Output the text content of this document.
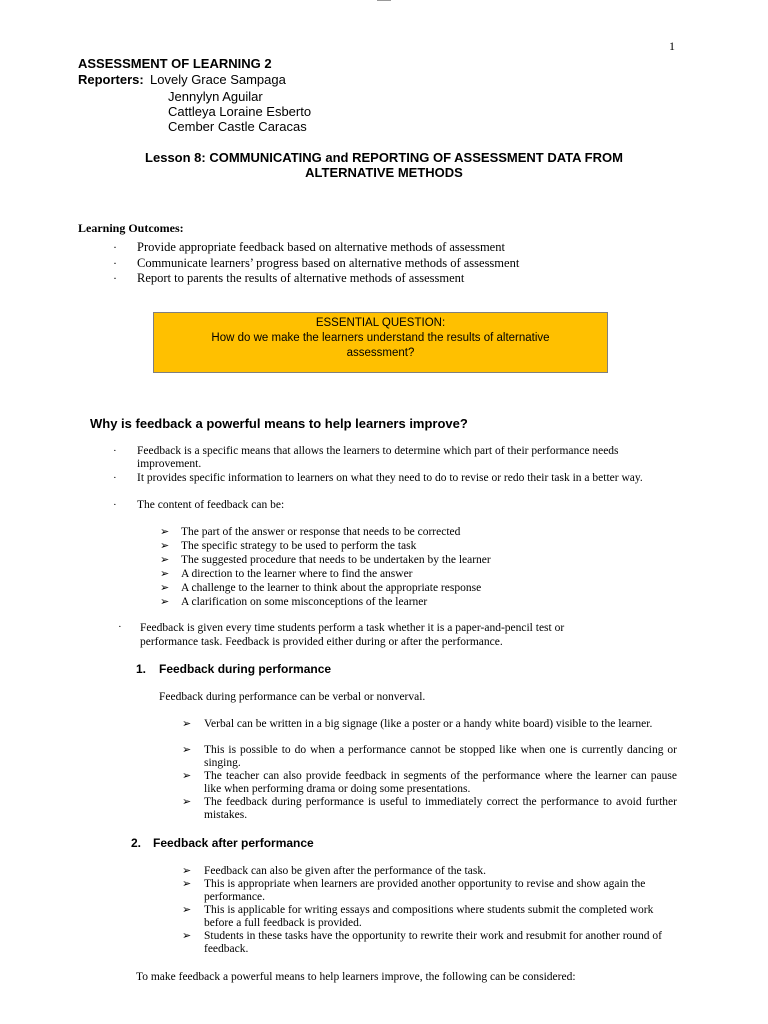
1
ASSESSMENT OF LEARNING 2
Reporters: Lovely Grace Sampaga
Jennylyn Aguilar
Cattleya Loraine Esberto
Cember Castle Caracas
Lesson 8: COMMUNICATING and REPORTING OF ASSESSMENT DATA FROM
ALTERNATIVE METHODS
Learning Outcomes:
· Provide appropriate feedback based on alternative methods of assessment
· Communicate learners’ progress based on alternative methods of assessment
· Report to parents the results of alternative methods of assessment
ESSENTIAL QUESTION:
How do we make the learners understand the results of alternative
assessment?
Why is feedback a powerful means to help learners improve?
· Feedback is a specific means that allows the learners to determine which part of their performance needs improvement.
· It provides specific information to learners on what they need to do to revise or redo their task in a better way.
· The content of feedback can be:
➢ The part of the answer or response that needs to be corrected
➢ The specific strategy to be used to perform the task
➢ The suggested procedure that needs to be undertaken by the learner
➢ A direction to the learner where to find the answer
➢ A challenge to the learner to think about the appropriate response
➢ A clarification on some misconceptions of the learner
· Feedback is given every time students perform a task whether it is a paper-and-pencil test or
performance task. Feedback is provided either during or after the performance.
1. Feedback during performance
Feedback during performance can be verbal or nonverval.
➢ Verbal can be written in a big signage (like a poster or a handy white board) visible to the learner.
➢ This is possible to do when a performance cannot be stopped like when one is currently dancing or singing.
➢ The teacher can also provide feedback in segments of the performance where the learner can pause like when performing drama or doing some presentations.
➢ The feedback during performance is useful to immediately correct the performance to avoid further mistakes.
2. Feedback after performance
➢ Feedback can also be given after the performance of the task.
➢ This is appropriate when learners are provided another opportunity to revise and show again the performance.
➢ This is applicable for writing essays and compositions where students submit the completed work before a full feedback is provided.
➢ Students in these tasks have the opportunity to rewrite their work and resubmit for another round of feedback.
To make feedback a powerful means to help learners improve, the following can be considered:
